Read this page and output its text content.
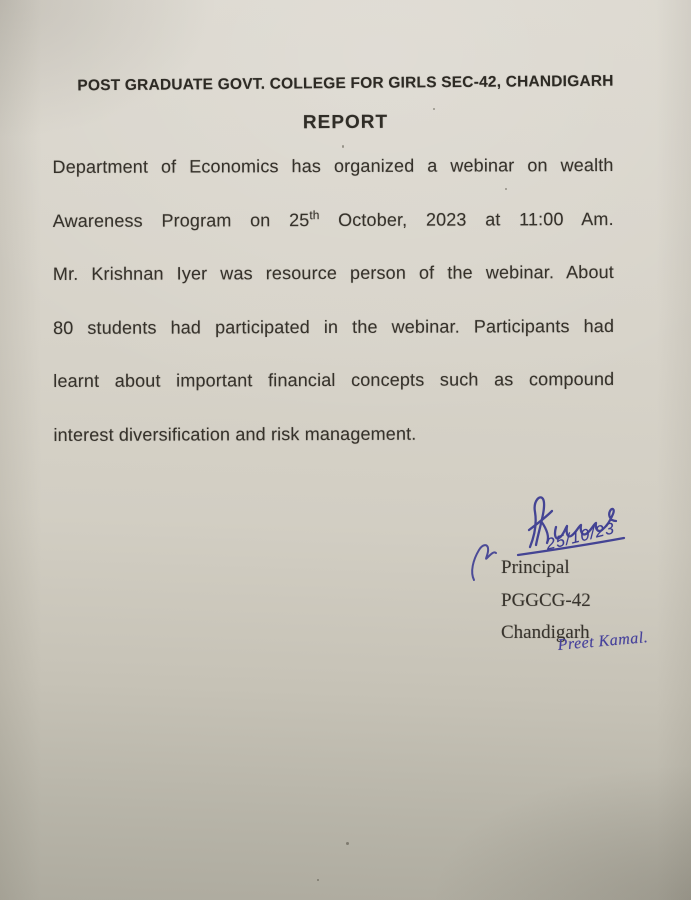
POST GRADUATE GOVT. COLLEGE FOR GIRLS SEC-42, CHANDIGARH
REPORT
Department of Economics has organized a webinar on wealth
Awareness Program on 25th October, 2023 at 11:00 Am.
Mr. Krishnan Iyer was resource person of the webinar. About
80 students had participated in the webinar. Participants had
learnt about important financial concepts such as compound
interest diversification and risk management.
25/10/23
Principal
PGGCG-42
Chandigarh
Preet Kamal.
